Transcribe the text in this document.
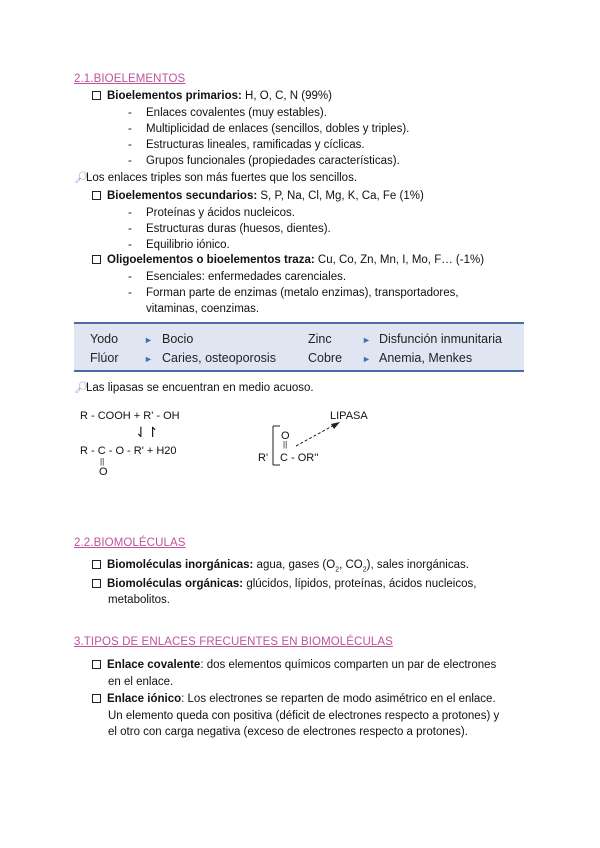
2.1.BIOELEMENTOS
Bioelementos primarios: H, O, C, N (99%)
- Enlaces covalentes (muy estables).
- Multiplicidad de enlaces (sencillos, dobles y triples).
- Estructuras lineales, ramificadas y cíclicas.
- Grupos funcionales (propiedades características).
🔎︎Los enlaces triples son más fuertes que los sencillos.
Bioelementos secundarios: S, P, Na, Cl, Mg, K, Ca, Fe (1%)
- Proteínas y ácidos nucleicos.
- Estructuras duras (huesos, dientes).
- Equilibrio iónico.
Oligoelementos o bioelementos traza: Cu, Co, Zn, Mn, I, Mo, F… (-1%)
- Esenciales: enfermedades carenciales.
- Forman parte de enzimas (metalo enzimas), transportadores,
vitaminas, coenzimas.
Yodo	► Bocio	Zinc	► Disfunción inmunitaria
Flúor	► Caries, osteoporosis	Cobre ► Anemia, Menkes
🔎︎Las lipasas se encuentran en medio acuoso.
R - COOH + R' - OH
⇃↾
R - C - O - R' + H20
||
O
LIPASA
O
||
R' C - OR''
2.2.BIOMOLÉCULAS
Biomoléculas inorgánicas: agua, gases ($O_2$, $CO_2$), sales inorgánicas.
Biomoléculas orgánicas: glúcidos, lípidos, proteínas, ácidos nucleicos,
metabolitos.
3.TIPOS DE ENLACES FRECUENTES EN BIOMOLÉCULAS
Enlace covalente: dos elementos químicos comparten un par de electrones
en el enlace.
Enlace iónico: Los electrones se reparten de modo asimétrico en el enlace.
Un elemento queda con positiva (déficit de electrones respecto a protones) y
el otro con carga negativa (exceso de electrones respecto a protones).
